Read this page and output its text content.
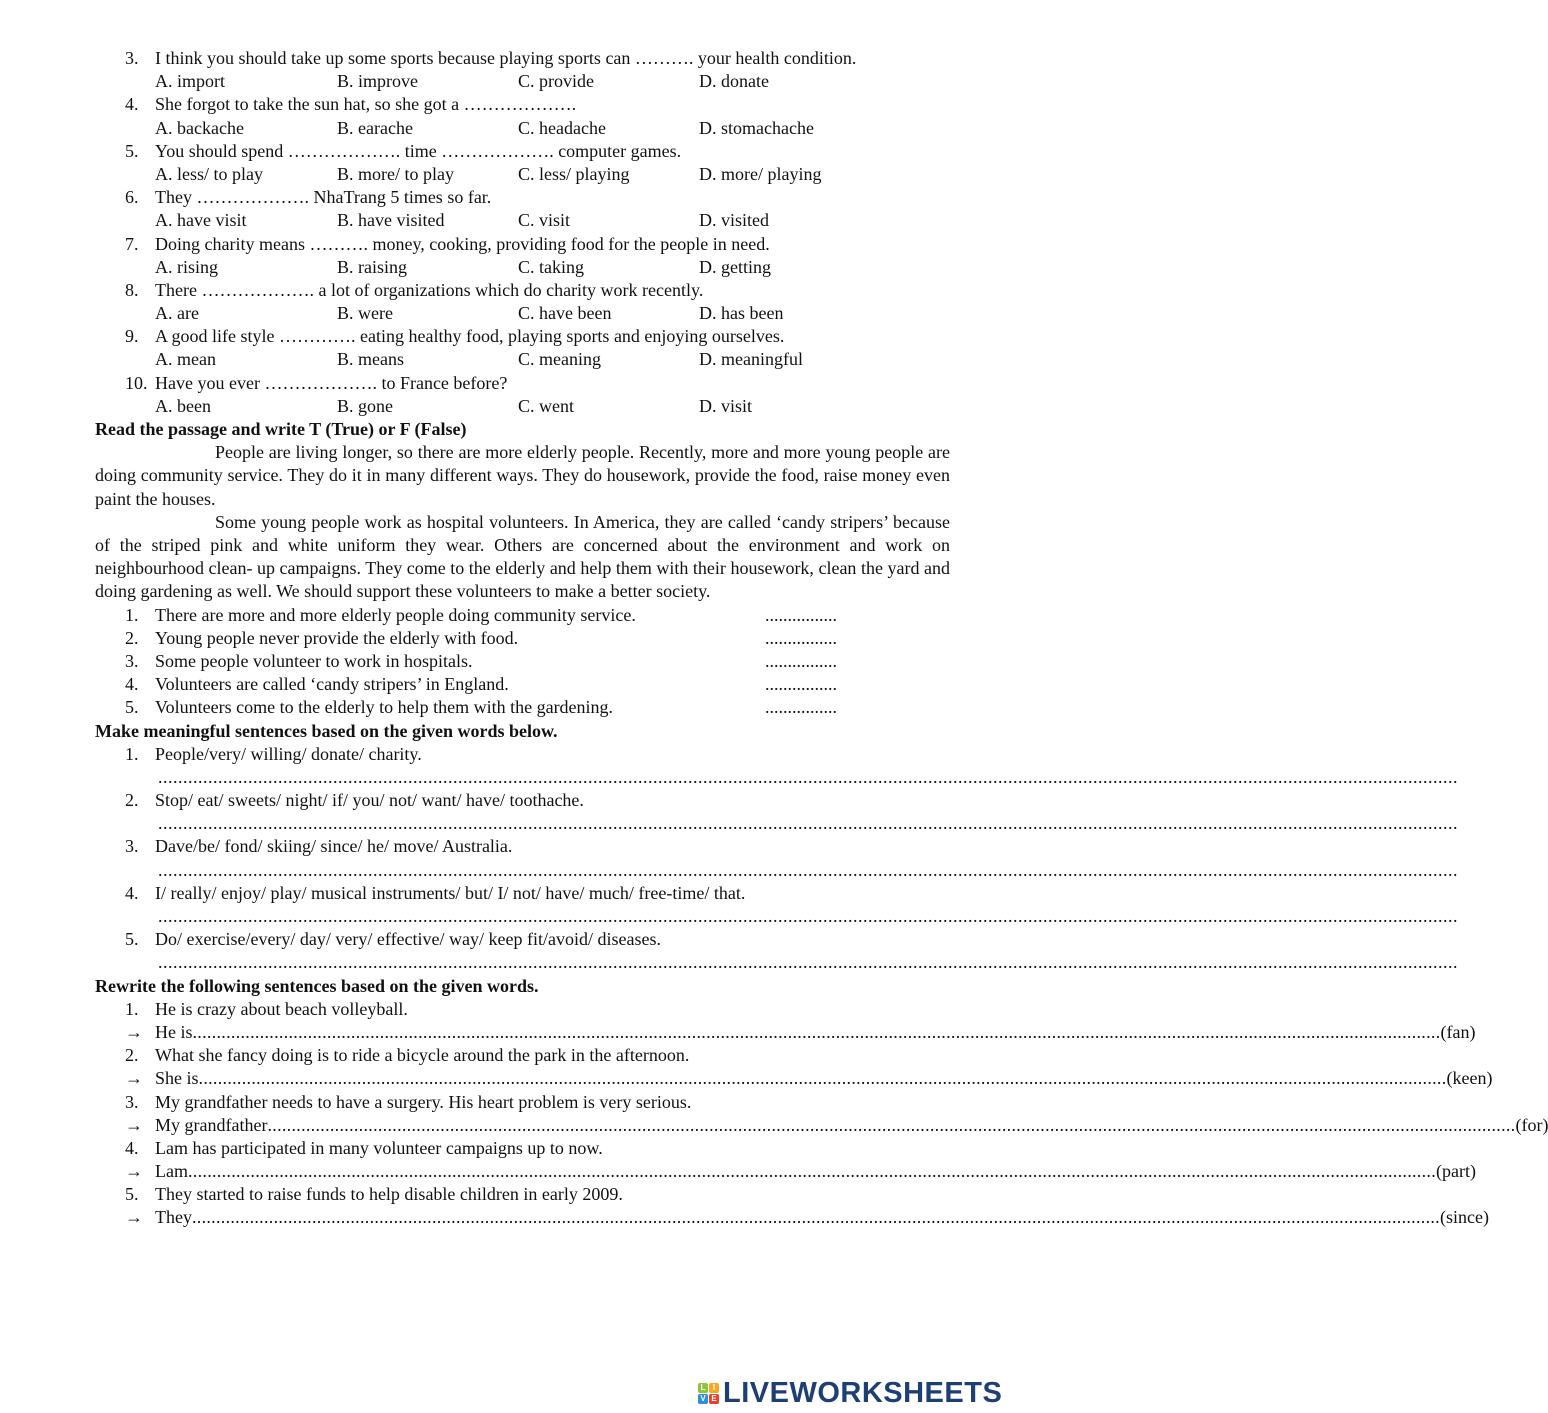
3. I think you should take up some sports because playing sports can ………. your health condition.
A. import	B. improve	C. provide	D. donate
4. She forgot to take the sun hat, so she got a ……………….
A. backache	B. earache	C. headache	D. stomachache
5. You should spend ………………. time ………………. computer games.
A. less/ to play	B. more/ to play	C. less/ playing	D. more/ playing
6. They ………………. NhaTrang 5 times so far.
A. have visit	B. have visited	C. visit	D. visited
7. Doing charity means ………. money, cooking, providing food for the people in need.
A. rising	B. raising	C. taking	D. getting
8. There ………………. a lot of organizations which do charity work recently.
A. are	B. were	C. have been	D. has been
9. A good life style …………. eating healthy food, playing sports and enjoying ourselves.
A. mean	B. means	C. meaning	D. meaningful
10. Have you ever ………………. to France before?
A. been	B. gone	C. went	D. visit
Read the passage and write T (True) or F (False)
People are living longer, so there are more elderly people. Recently, more and more young people are doing community service. They do it in many different ways. They do housework, provide the food, raise money even paint the houses.
Some young people work as hospital volunteers. In America, they are called ‘candy stripers’ because of the striped pink and white uniform they wear. Others are concerned about the environment and work on neighbourhood clean- up campaigns. They come to the elderly and help them with their housework, clean the yard and doing gardening as well. We should support these volunteers to make a better society.
1. There are more and more elderly people doing community service.	................
2. Young people never provide the elderly with food.	................
3. Some people volunteer to work in hospitals.	................
4. Volunteers are called ‘candy stripers’ in England.	................
5. Volunteers come to the elderly to help them with the gardening.	................
Make meaningful sentences based on the given words below.
1. People/very/ willing/ donate/ charity.
....................................................................................................................................................................................................................................................................
2. Stop/ eat/ sweets/ night/ if/ you/ not/ want/ have/ toothache.
....................................................................................................................................................................................................................................................................
3. Dave/be/ fond/ skiing/ since/ he/ move/ Australia.
....................................................................................................................................................................................................................................................................
4. I/ really/ enjoy/ play/ musical instruments/ but/ I/ not/ have/ much/ free-time/ that.
....................................................................................................................................................................................................................................................................
5. Do/ exercise/every/ day/ very/ effective/ way/ keep fit/avoid/ diseases.
....................................................................................................................................................................................................................................................................
Rewrite the following sentences based on the given words.
1. He is crazy about beach volleyball.
→ He is .................................................................................................................................................................................................................................................................... (fan)
2. What she fancy doing is to ride a bicycle around the park in the afternoon.
→ She is .................................................................................................................................................................................................................................................................... (keen)
3. My grandfather needs to have a surgery. His heart problem is very serious.
→ My grandfather .................................................................................................................................................................................................................................................................... (for)
4. Lam has participated in many volunteer campaigns up to now.
→ Lam .................................................................................................................................................................................................................................................................... (part)
5. They started to raise funds to help disable children in early 2009.
→ They .................................................................................................................................................................................................................................................................... (since)
L I
V E LIVEWORKSHEETS
